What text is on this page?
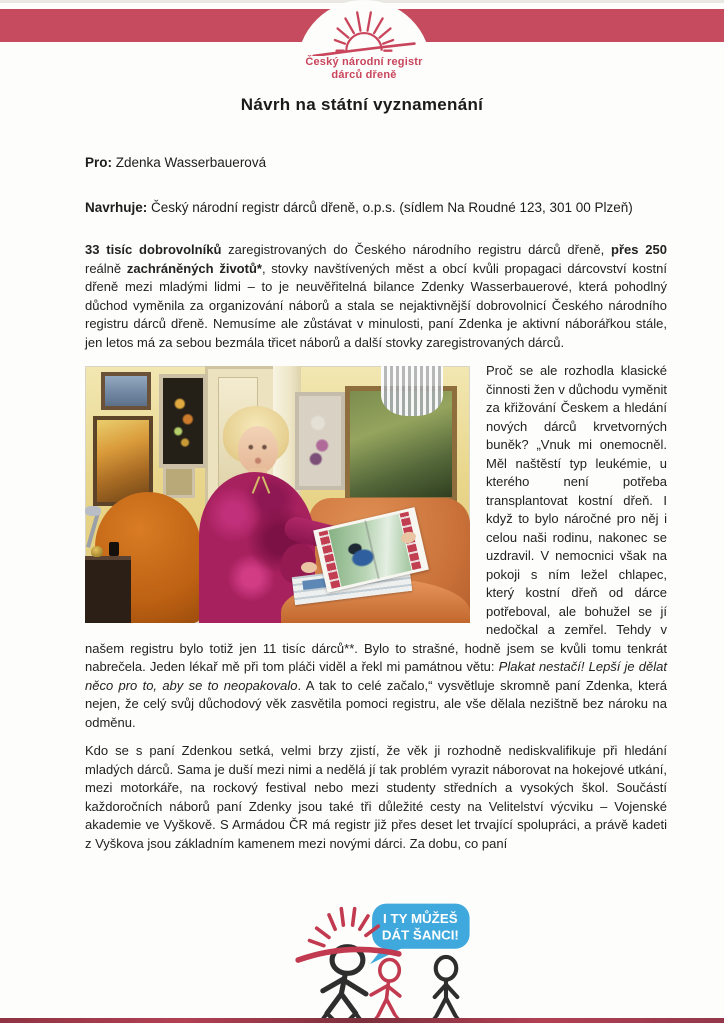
Český národní registr
dárců dřeně
Návrh na státní vyznamenání
Pro: Zdenka Wasserbauerová
Navrhuje: Český národní registr dárců dřeně, o.p.s. (sídlem Na Roudné 123, 301 00 Plzeň)

33 tisíc dobrovolníků zaregistrovaných do Českého národního registru dárců dřeně, přes 250 reálně zachráněných životů*, stovky navštívených měst a obcí kvůli propagaci dárcovství kostní dřeně mezi mladými lidmi – to je neuvěřitelná bilance Zdenky Wasserbauerové, která pohodlný důchod vyměnila za organizování náborů a stala se nejaktivnější dobrovolnicí Českého národního registru dárců dřeně. Nemusíme ale zůstávat v minulosti, paní Zdenka je aktivní náborářkou stále, jen letos má za sebou bezmála třicet náborů a další stovky zaregistrovaných dárců.

Proč se ale rozhodla klasické činnosti žen v důchodu vyměnit za křižování Českem a hledání nových dárců krvetvorných buněk? „Vnuk mi onemocněl. Měl naštěstí typ leukémie, u kterého není potřeba transplantovat kostní dřeň. I když to bylo náročné pro něj i celou naši rodinu, nakonec se uzdravil. V nemocnici však na pokoji s ním ležel chlapec, který kostní dřeň od dárce potřeboval, ale bohužel se jí nedočkal a zemřel. Tehdy v našem registru bylo totiž jen 11 tisíc dárců**. Bylo to strašné, hodně jsem se kvůli tomu tenkrát nabrečela. Jeden lékař mě při tom pláči viděl a řekl mi památnou větu: Plakat nestačí! Lepší je dělat něco pro to, aby se to neopakovalo. A tak to celé začalo,“ vysvětluje skromně paní Zdenka, která nejen, že celý svůj důchodový věk zasvětila pomoci registru, ale vše dělala nezištně bez nároku na odměnu.

Kdo se s paní Zdenkou setká, velmi brzy zjistí, že věk ji rozhodně nediskvalifikuje při hledání mladých dárců. Sama je duší mezi nimi a nedělá jí tak problém vyrazit náborovat na hokejové utkání, mezi motorkáře, na rockový festival nebo mezi studenty středních a vysokých škol. Součástí každoročních náborů paní Zdenky jsou také tři důležité cesty na Velitelství výcviku – Vojenské akademie ve Vyškově. S Armádou ČR má registr již přes deset let trvající spolupráci, a právě kadeti z Vyškova jsou základním kamenem mezi novými dárci. Za dobu, co paní

I TY MŮŽEŠ
DÁT ŠANCI!
